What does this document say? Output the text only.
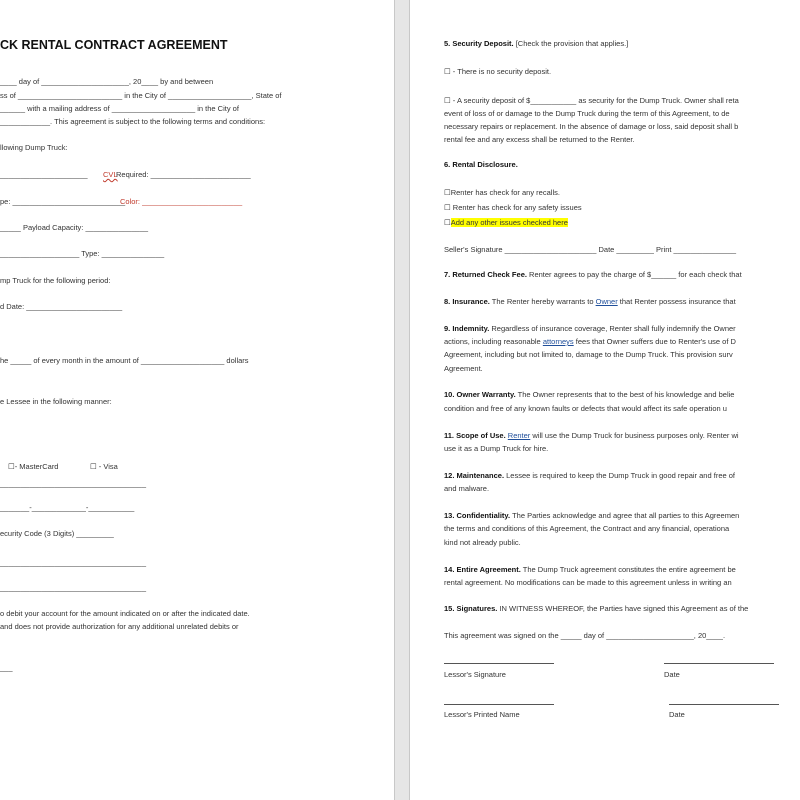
CK RENTAL CONTRACT AGREEMENT
____ day of _____________________, 20____ by and between
ss of _________________________ in the City of ____________________, State of
______ with a mailing address of ____________________ in the City of
____________. This agreement is subject to the following terms and conditions:
llowing Dump Truck:
_____________________ CVL
Required: ________________________
pe: ___________________________
Color: ________________________
_____ Payload Capacity: _______________
___________________ Type: _______________
mp Truck for the following period:
d Date: _______________________
he _____ of every month in the amount of ____________________ dollars
e Lessee in the following manner:
☐- MasterCard	☐ - Visa
___________________________________
_______-_____________-___________
ecurity Code (3 Digits) _________
___________________________________
___________________________________
o debit your account for the amount indicated on or after the indicated date.
and does not provide authorization for any additional unrelated debits or
___
5. Security Deposit. [Check the provision that applies.]
☐ - There is no security deposit.
☐ - A security deposit of $___________ as security for the Dump Truck. Owner shall reta
event of loss of or damage to the Dump Truck during the term of this Agreement, to de
necessary repairs or replacement. In the absence of damage or loss, said deposit shall b
rental fee and any excess shall be returned to the Renter.
6. Rental Disclosure.
☐Renter has check for any recalls.
☐ Renter has check for any safety issues
☐Add any other issues checked here
Seller's Signature ______________________ Date _________ Print _______________
7. Returned Check Fee. Renter agrees to pay the charge of $______ for each check that
8. Insurance. The Renter hereby warrants to Owner that Renter possess insurance that
9. Indemnity. Regardless of insurance coverage, Renter shall fully indemnify the Owner
actions, including reasonable attorneys fees that Owner suffers due to Renter's use of D
Agreement, including but not limited to, damage to the Dump Truck. This provision surv
Agreement.
10. Owner Warranty. The Owner represents that to the best of his knowledge and belie
condition and free of any known faults or defects that would affect its safe operation u
11. Scope of Use. Renter will use the Dump Truck for business purposes only. Renter wi
use it as a Dump Truck for hire.
12. Maintenance. Lessee is required to keep the Dump Truck in good repair and free of
and malware.
13. Confidentiality. The Parties acknowledge and agree that all parties to this Agreemen
the terms and conditions of this Agreement, the Contract and any financial, operationa
kind not already public.
14. Entire Agreement. The Dump Truck agreement constitutes the entire agreement be
rental agreement. No modifications can be made to this agreement unless in writing an
15. Signatures. IN WITNESS WHEREOF, the Parties have signed this Agreement as of the
This agreement was signed on the _____ day of _____________________, 20____.
Lessor's Signature	Date
Lessor's Printed Name	Date
